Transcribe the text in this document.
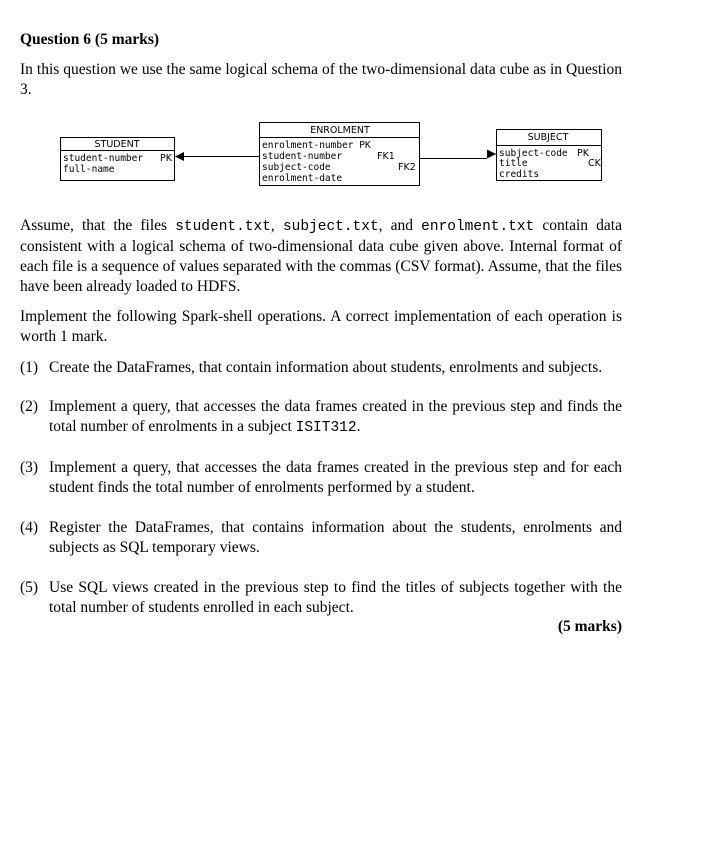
Question 6 (5 marks)

In this question we use the same logical schema of the two-dimensional data cube as in Question 3.

STUDENT
student-number
full-name
PK
ENROLMENT
enrolment-number PK
student-number
subject-code
enrolment-date
FK1
FK2
SUBJECT
subject-code
title
credits
PK
CK

Assume, that the files student.txt, subject.txt, and enrolment.txt contain data consistent with a logical schema of two-dimensional data cube given above. Internal format of each file is a sequence of values separated with the commas (CSV format). Assume, that the files have been already loaded to HDFS.

Implement the following Spark-shell operations. A correct implementation of each operation is worth 1 mark.

(1) Create the DataFrames, that contain information about students, enrolments and subjects.
(2) Implement a query, that accesses the data frames created in the previous step and finds the total number of enrolments in a subject ISIT312.
(3) Implement a query, that accesses the data frames created in the previous step and for each student finds the total number of enrolments performed by a student.
(4) Register the DataFrames, that contains information about the students, enrolments and subjects as SQL temporary views.
(5) Use SQL views created in the previous step to find the titles of subjects together with the total number of students enrolled in each subject.
(5 marks)
